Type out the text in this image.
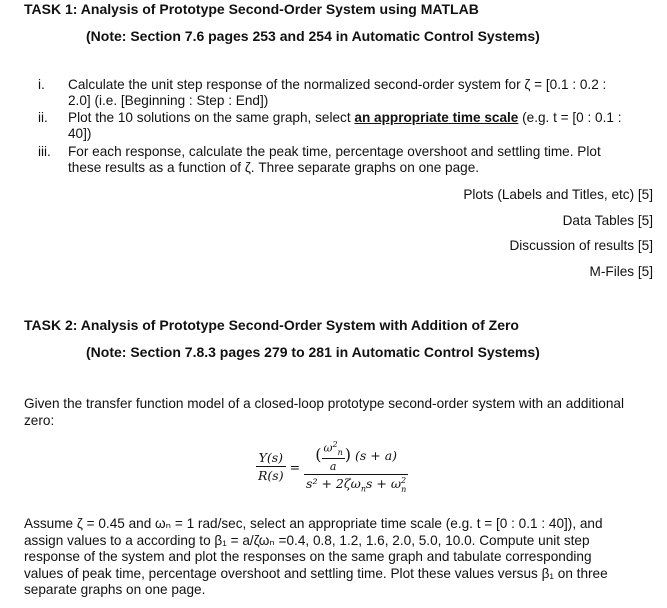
TASK 1: Analysis of Prototype Second-Order System using MATLAB
(Note: Section 7.6 pages 253 and 254 in Automatic Control Systems)
i. Calculate the unit step response of the normalized second-order system for ζ = [0.1 : 0.2 :
2.0] (i.e. [Beginning : Step : End])
ii. Plot the 10 solutions on the same graph, select an appropriate time scale (e.g. t = [0 : 0.1 :
40])
iii. For each response, calculate the peak time, percentage overshoot and settling time. Plot
these results as a function of ζ. Three separate graphs on one page.
Plots (Labels and Titles, etc) [5]
Data Tables [5]
Discussion of results [5]
M-Files [5]
TASK 2: Analysis of Prototype Second-Order System with Addition of Zero
(Note: Section 7.8.3 pages 279 to 281 in Automatic Control Systems)
Given the transfer function model of a closed-loop prototype second-order system with an additional
zero:
$\frac{Y(s)}{R(s)} = \frac{( \frac{\omega^2_n}{a} ) (s + a)}{s^2 + 2\zeta\omega_ns + \omega^2_n}$
Assume ζ = 0.45 and ωₙ = 1 rad/sec, select an appropriate time scale (e.g. t = [0 : 0.1 : 40]), and
assign values to a according to β₁ = a/ζωₙ =0.4, 0.8, 1.2, 1.6, 2.0, 5.0, 10.0. Compute unit step
response of the system and plot the responses on the same graph and tabulate corresponding
values of peak time, percentage overshoot and settling time. Plot these values versus β₁ on three
separate graphs on one page.
